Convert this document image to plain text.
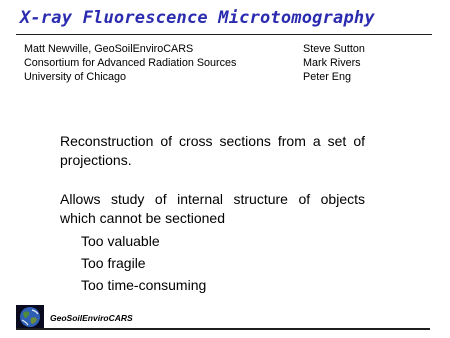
X-ray Fluorescence Microtomography
Matt Newville, GeoSoilEnviroCARS
Consortium for Advanced Radiation Sources
University of Chicago
Steve Sutton
Mark Rivers
Peter Eng
Reconstruction of cross sections from a set of projections.
Allows study of internal structure of objects which cannot be sectioned
Too valuable
Too fragile
Too time-consuming
GeoSoilEnviroCARS
